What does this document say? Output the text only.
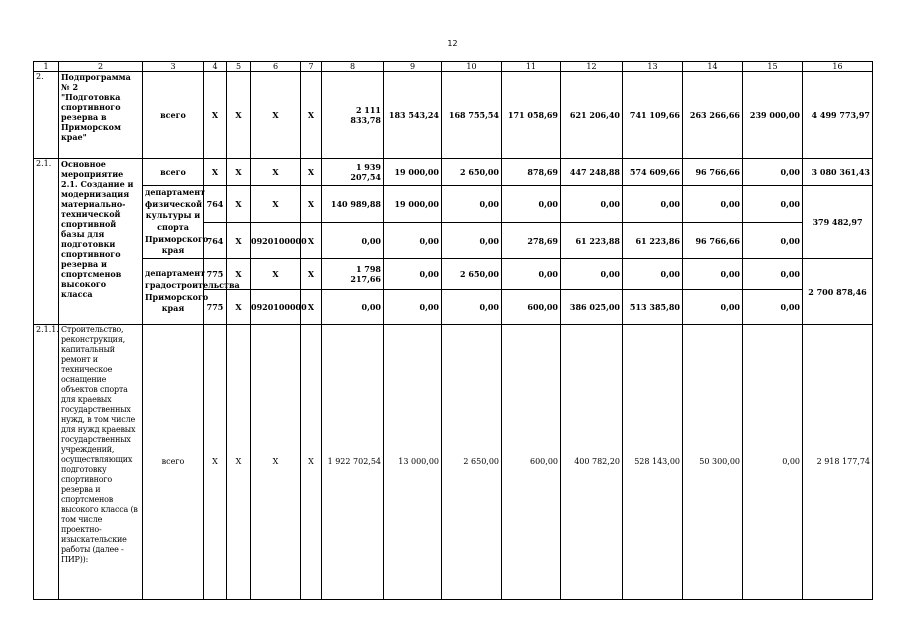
12
1	2	3	4	5	6	7	8	9	10	11	12	13	14	15	16
2.	Подпрограмма № 2 "Подготовка спортивного резерва в Приморском крае"	всего	X	X	X	X	2 111 833,78	183 543,24	168 755,54	171 058,69	621 206,40	741 109,66	263 266,66	239 000,00	4 499 773,97
2.1.	Основное мероприятие 2.1. Создание и модернизация материально-технической спортивной базы для подготовки спортивного резерва и спортсменов высокого класса	всего	X	X	X	X	1 939 207,54	19 000,00	2 650,00	878,69	447 248,88	574 609,66	96 766,66	0,00	3 080 361,43
		департамент физической культуры и спорта Приморского края	764	X	X	X	140 989,88	19 000,00	0,00	0,00	0,00	0,00	0,00	0,00	379 482,97
			764	X	0920100000	X	0,00	0,00	0,00	278,69	61 223,88	61 223,86	96 766,66	0,00	
		департамент градостроительства Приморского края	775	X	X	X	1 798 217,66	0,00	2 650,00	0,00	0,00	0,00	0,00	0,00	2 700 878,46
			775	X	0920100000	X	0,00	0,00	0,00	600,00	386 025,00	513 385,80	0,00	0,00	
2.1.1.	Строительство, реконструкция, капитальный ремонт и техническое оснащение объектов спорта для краевых государственных нужд, в том числе для нужд краевых государственных учреждений, осуществляющих подготовку спортивного резерва и спортсменов высокого класса (в том числе проектно-изыскательские работы (далее - ПИР)):	всего	X	X	X	X	1 922 702,54	13 000,00	2 650,00	600,00	400 782,20	528 143,00	50 300,00	0,00	2 918 177,74
